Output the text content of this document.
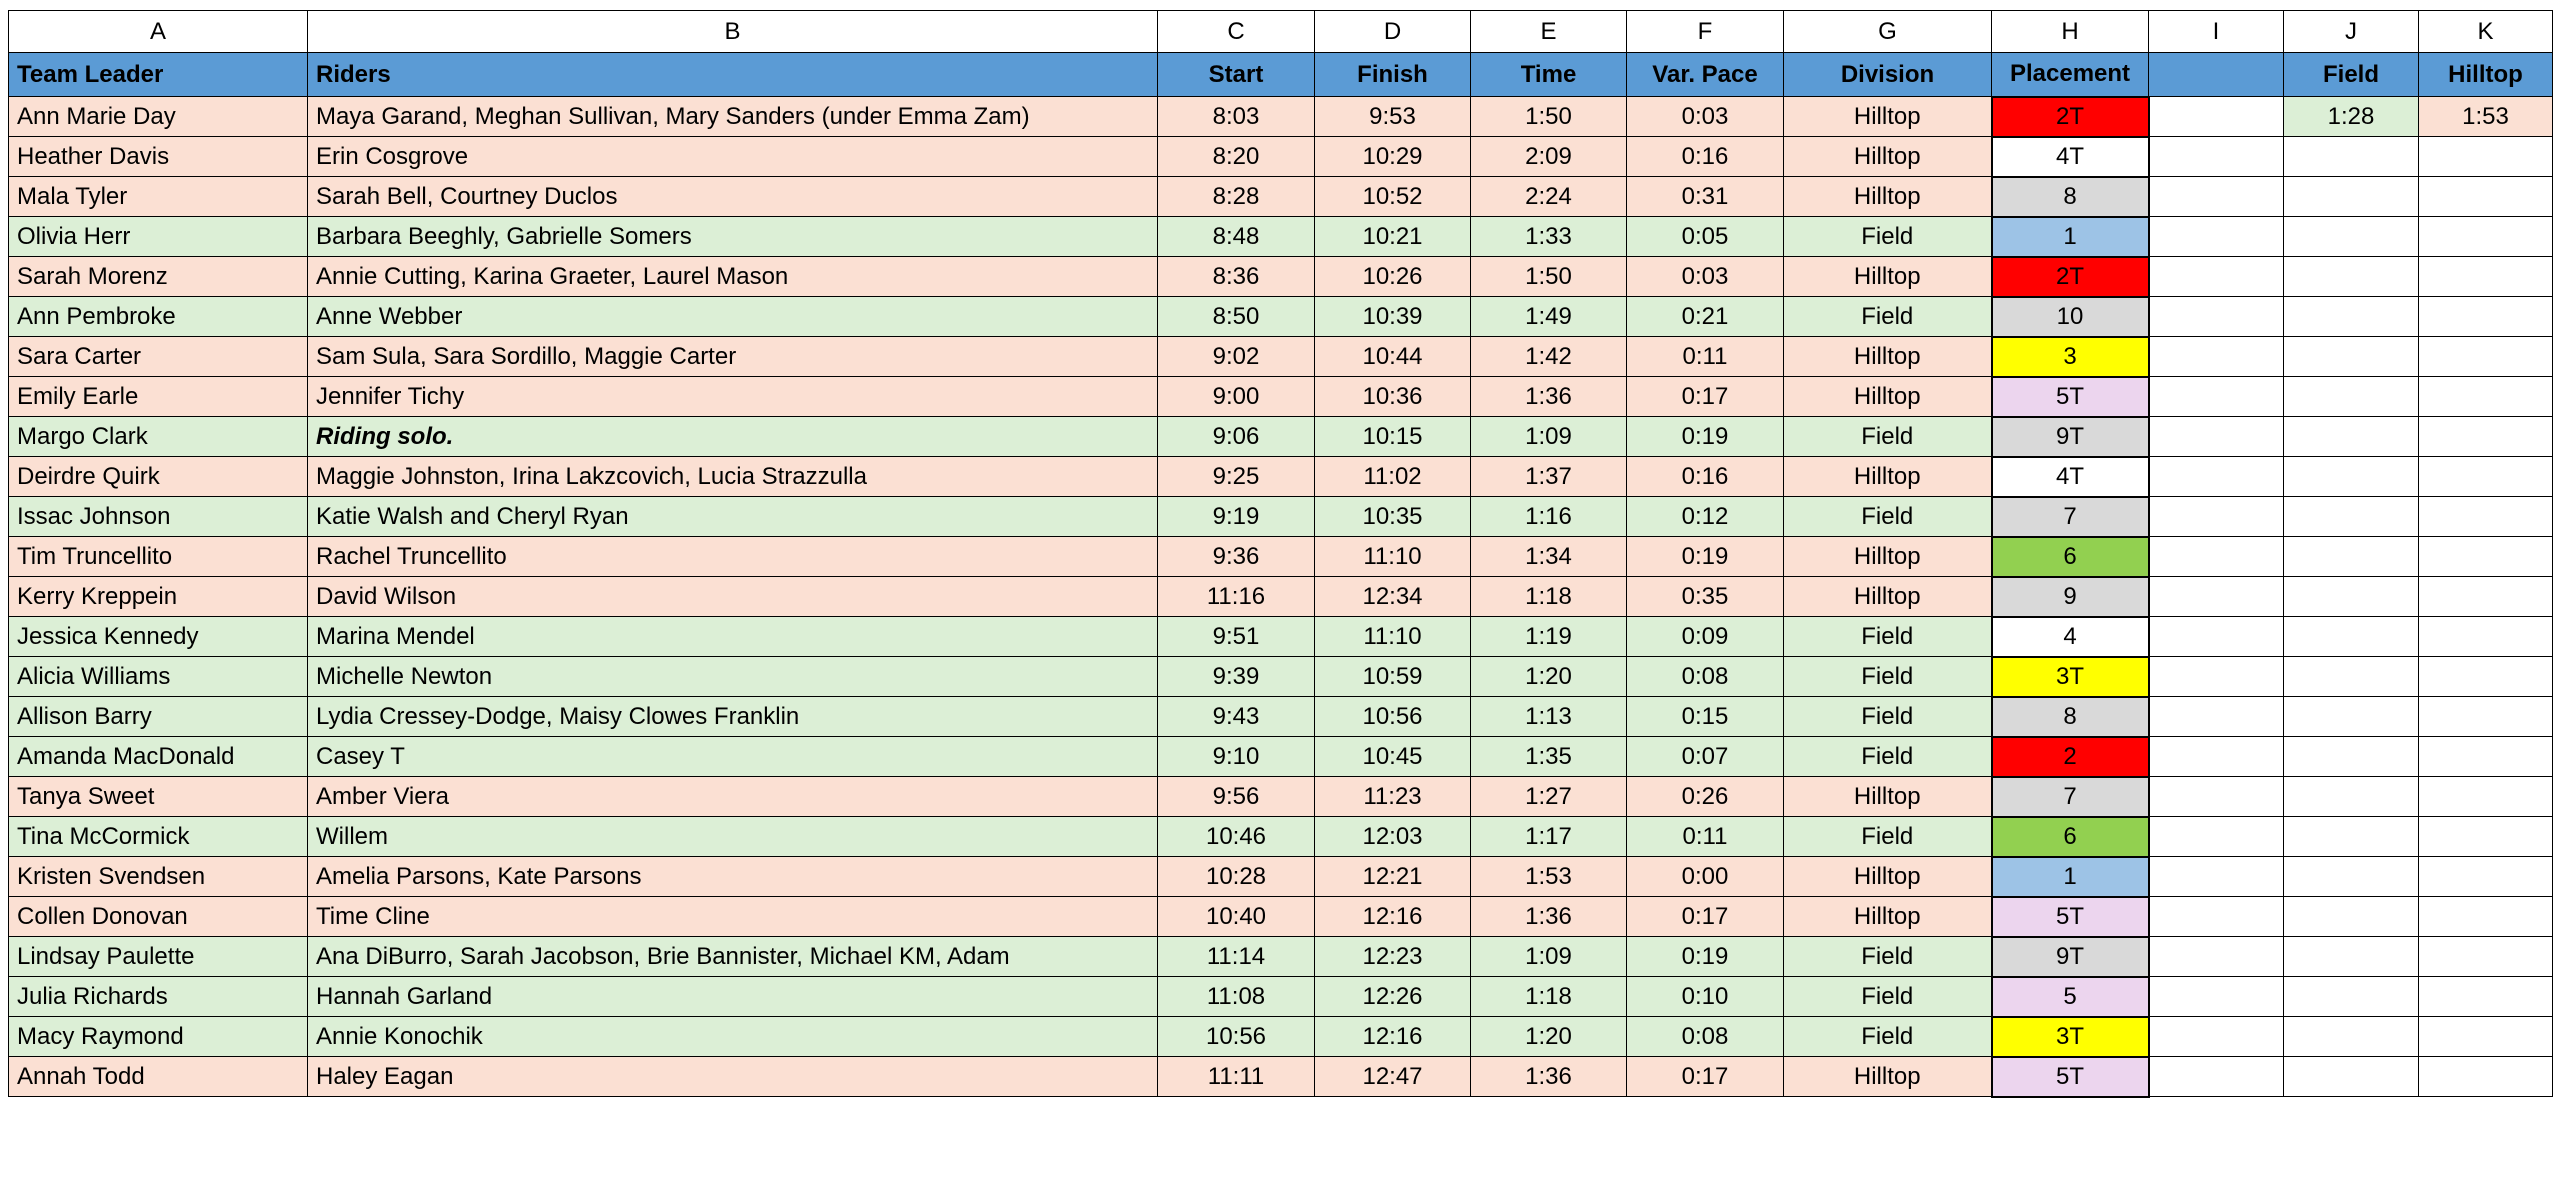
A	B	C	D	E	F	G	H	I	J	K
Team Leader	Riders	Start	Finish	Time	Var. Pace	Division	Placement		Field	Hilltop
Ann Marie Day	Maya Garand, Meghan Sullivan, Mary Sanders (under Emma Zam)	8:03	9:53	1:50	0:03	Hilltop	2T		1:28	1:53
Heather Davis	Erin Cosgrove	8:20	10:29	2:09	0:16	Hilltop	4T			
Mala Tyler	Sarah Bell, Courtney Duclos	8:28	10:52	2:24	0:31	Hilltop	8			
Olivia Herr	Barbara Beeghly, Gabrielle Somers	8:48	10:21	1:33	0:05	Field	1			
Sarah Morenz	Annie Cutting, Karina Graeter, Laurel Mason	8:36	10:26	1:50	0:03	Hilltop	2T			
Ann Pembroke	Anne Webber	8:50	10:39	1:49	0:21	Field	10			
Sara Carter	Sam Sula, Sara Sordillo, Maggie Carter	9:02	10:44	1:42	0:11	Hilltop	3			
Emily Earle	Jennifer Tichy	9:00	10:36	1:36	0:17	Hilltop	5T			
Margo Clark	Riding solo.	9:06	10:15	1:09	0:19	Field	9T			
Deirdre Quirk	Maggie Johnston, Irina Lakzcovich, Lucia Strazzulla	9:25	11:02	1:37	0:16	Hilltop	4T			
Issac Johnson	Katie Walsh and Cheryl Ryan	9:19	10:35	1:16	0:12	Field	7			
Tim Truncellito	Rachel Truncellito	9:36	11:10	1:34	0:19	Hilltop	6			
Kerry Kreppein	David Wilson	11:16	12:34	1:18	0:35	Hilltop	9			
Jessica Kennedy	Marina Mendel	9:51	11:10	1:19	0:09	Field	4			
Alicia Williams	Michelle Newton	9:39	10:59	1:20	0:08	Field	3T			
Allison Barry	Lydia Cressey-Dodge, Maisy Clowes Franklin	9:43	10:56	1:13	0:15	Field	8			
Amanda MacDonald	Casey T	9:10	10:45	1:35	0:07	Field	2			
Tanya Sweet	Amber Viera	9:56	11:23	1:27	0:26	Hilltop	7			
Tina McCormick	Willem	10:46	12:03	1:17	0:11	Field	6			
Kristen Svendsen	Amelia Parsons, Kate Parsons	10:28	12:21	1:53	0:00	Hilltop	1			
Collen Donovan	Time Cline	10:40	12:16	1:36	0:17	Hilltop	5T			
Lindsay Paulette	Ana DiBurro, Sarah Jacobson, Brie Bannister, Michael KM, Adam	11:14	12:23	1:09	0:19	Field	9T			
Julia Richards	Hannah Garland	11:08	12:26	1:18	0:10	Field	5			
Macy Raymond	Annie Konochik	10:56	12:16	1:20	0:08	Field	3T			
Annah Todd	Haley Eagan	11:11	12:47	1:36	0:17	Hilltop	5T			
